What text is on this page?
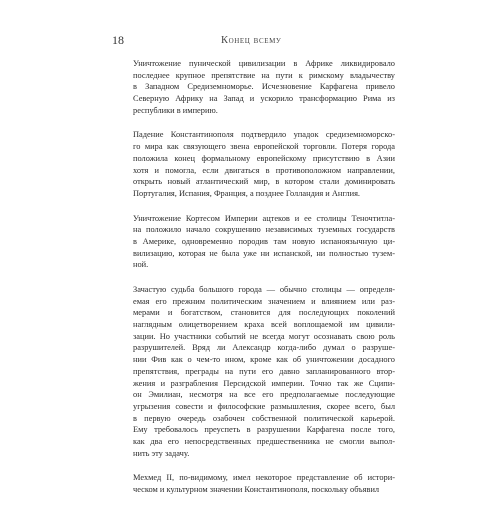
18	Конец всему
Уничтожение пунической цивилизации в Африке ликвидировало
последнее крупное препятствие на пути к римскому владычеству
в Западном Средиземноморье. Исчезновение Карфагена привело
Северную Африку на Запад и ускорило трансформацию Рима из
республики в империю.
Падение Константинополя подтвердило упадок средиземноморско-
го мира как связующего звена европейской торговли. Потеря города
положила конец формальному европейскому присутствию в Азии
хотя и помогла, если двигаться в противоположном направлении,
открыть новый атлантический мир, в котором стали доминировать
Португалия, Испания, Франция, а позднее Голландия и Англия.
Уничтожение Кортесом Империи ацтеков и ее столицы Теночтитла-
на положило начало сокрушению независимых туземных государств
в Америке, одновременно породив там новую испаноязычную ци-
вилизацию, которая не была уже ни испанской, ни полностью тузем-
ной.
Зачастую судьба большого города — обычно столицы — определя-
емая его прежним политическим значением и влиянием или раз-
мерами и богатством, становится для последующих поколений
наглядным олицетворением краха всей воплощаемой им цивили-
зации. Но участники событий не всегда могут осознавать свою роль
разрушителей. Вряд ли Александр когда-либо думал о разруше-
нии Фив как о чем-то ином, кроме как об уничтожении досадного
препятствия, преграды на пути его давно запланированного втор-
жения и разграбления Персидской империи. Точно так же Сципи-
он Эмилиан, несмотря на все его предполагаемые последующие
угрызения совести и философские размышления, скорее всего, был
в первую очередь озабочен собственной политической карьерой.
Ему требовалось преуспеть в разрушении Карфагена после того,
как два его непосредственных предшественника не смогли выпол-
нить эту задачу.
Мехмед II, по-видимому, имел некоторое представление об истори-
ческом и культурном значении Константинополя, поскольку объявил
